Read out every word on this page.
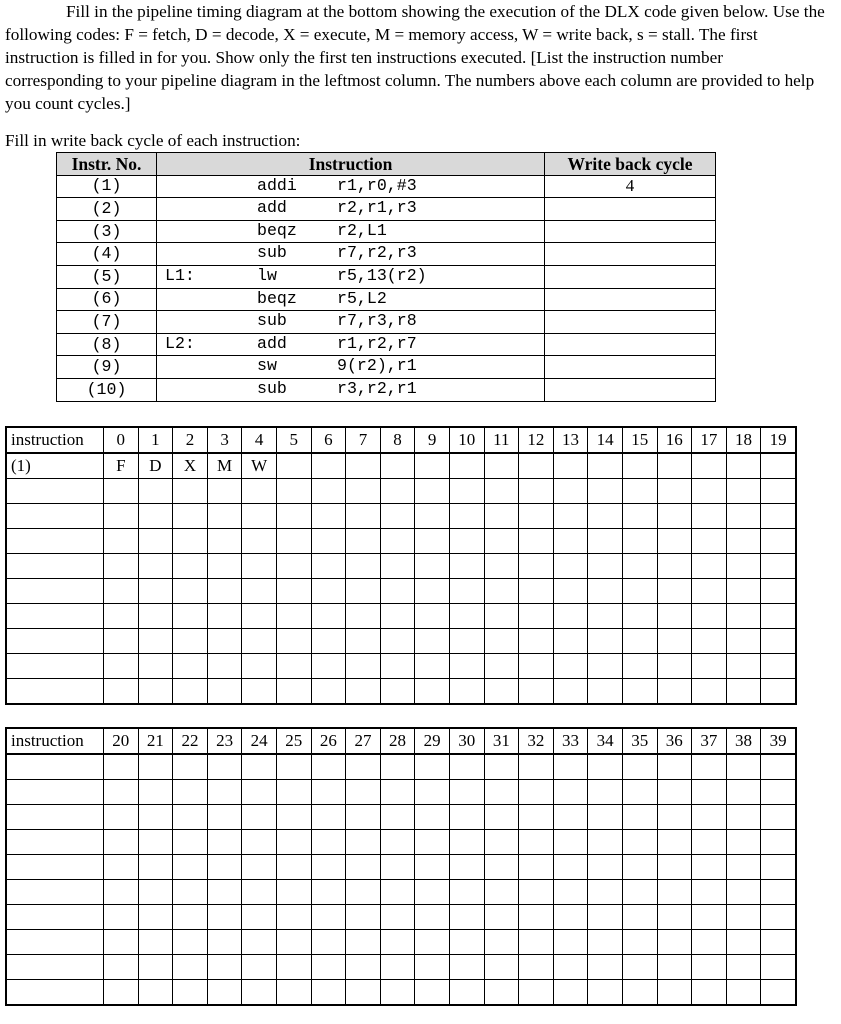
Fill in the pipeline timing diagram at the bottom showing the execution of the DLX code given below. Use the following codes: F = fetch, D = decode, X = execute, M = memory access, W = write back, s = stall. The first instruction is filled in for you. Show only the first ten instructions executed. [List the instruction number corresponding to your pipeline diagram in the leftmost column. The numbers above each column are provided to help you count cycles.]

Fill in write back cycle of each instruction:

Instr. No.	Instruction	Write back cycle
(1)	addi r1,r0,#3	4
(2)	add r2,r1,r3	

(3)	beqz r2,L1	

(4)	sub r7,r2,r3	

(5)	L1: lw r5,13(r2)	

(6)	beqz r5,L2	

(7)	sub r7,r3,r8	

(8)	L2: add r1,r2,r7	

(9)	sw 9(r2),r1	

(10)	sub r3,r2,r1	

instruction	0	1	2	3	4	5	6	7	8	9	10	11	12	13	14	15	16	17	18	19
(1)	F	D	X	M	W															

instruction	20	21	22	23	24	25	26	27	28	29	30	31	32	33	34	35	36	37	38	39
